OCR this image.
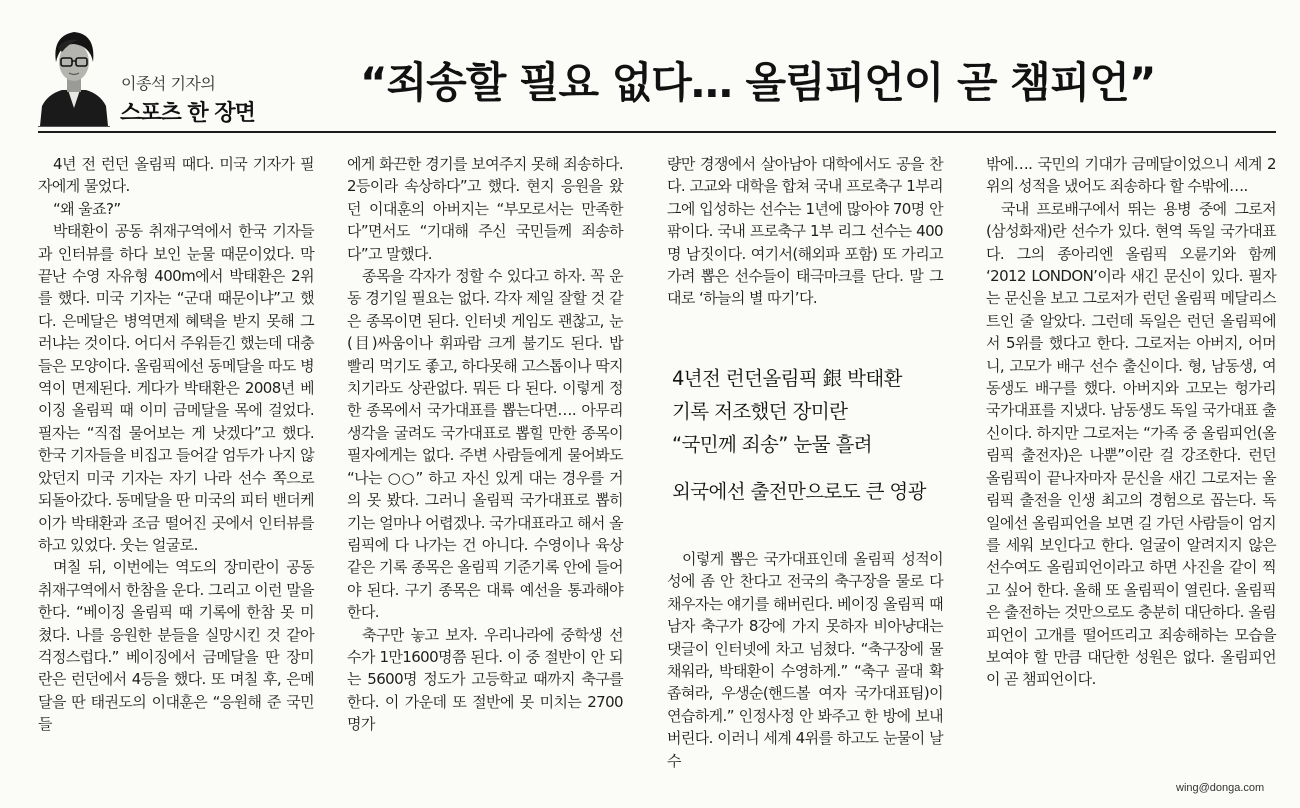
이종석 기자의
스포츠 한 장면
“죄송할 필요 없다… 올림피언이 곧 챔피언”

4년 전 런던 올림픽 때다. 미국 기자가 필자에게 물었다.

“왜 울죠?”

박태환이 공동 취재구역에서 한국 기자들과 인터뷰를 하다 보인 눈물 때문이었다. 막 끝난 수영 자유형 400m에서 박태환은 2위를 했다. 미국 기자는 “군대 때문이냐”고 했다. 은메달은 병역면제 혜택을 받지 못해 그러냐는 것이다. 어디서 주워듣긴 했는데 대충 들은 모양이다. 올림픽에선 동메달을 따도 병역이 면제된다. 게다가 박태환은 2008년 베이징 올림픽 때 이미 금메달을 목에 걸었다. 필자는 “직접 물어보는 게 낫겠다”고 했다. 한국 기자들을 비집고 들어갈 엄두가 나지 않았던지 미국 기자는 자기 나라 선수 쪽으로 되돌아갔다. 동메달을 딴 미국의 피터 밴더케이가 박태환과 조금 떨어진 곳에서 인터뷰를 하고 있었다. 웃는 얼굴로.

며칠 뒤, 이번에는 역도의 장미란이 공동 취재구역에서 한참을 운다. 그리고 이런 말을 한다. “베이징 올림픽 때 기록에 한참 못 미쳤다. 나를 응원한 분들을 실망시킨 것 같아 걱정스럽다.” 베이징에서 금메달을 딴 장미란은 런던에서 4등을 했다. 또 며칠 후, 은메달을 딴 태권도의 이대훈은 “응원해 준 국민들

에게 화끈한 경기를 보여주지 못해 죄송하다. 2등이라 속상하다”고 했다. 현지 응원을 왔던 이대훈의 아버지는 “부모로서는 만족한다”면서도 “기대해 주신 국민들께 죄송하다”고 말했다.

종목을 각자가 정할 수 있다고 하자. 꼭 운동 경기일 필요는 없다. 각자 제일 잘할 것 같은 종목이면 된다. 인터넷 게임도 괜찮고, 눈(目)싸움이나 휘파람 크게 불기도 된다. 밥 빨리 먹기도 좋고, 하다못해 고스톱이나 딱지치기라도 상관없다. 뭐든 다 된다. 이렇게 정한 종목에서 국가대표를 뽑는다면…. 아무리 생각을 굴려도 국가대표로 뽑힐 만한 종목이 필자에게는 없다. 주변 사람들에게 물어봐도 “나는 ○○” 하고 자신 있게 대는 경우를 거의 못 봤다. 그러니 올림픽 국가대표로 뽑히기는 얼마나 어렵겠나. 국가대표라고 해서 올림픽에 다 나가는 건 아니다. 수영이나 육상 같은 기록 종목은 올림픽 기준기록 안에 들어야 된다. 구기 종목은 대륙 예선을 통과해야 한다.

축구만 놓고 보자. 우리나라에 중학생 선수가 1만1600명쯤 된다. 이 중 절반이 안 되는 5600명 정도가 고등학교 때까지 축구를 한다. 이 가운데 또 절반에 못 미치는 2700명가

량만 경쟁에서 살아남아 대학에서도 공을 찬다. 고교와 대학을 합쳐 국내 프로축구 1부리그에 입성하는 선수는 1년에 많아야 70명 안팎이다. 국내 프로축구 1부 리그 선수는 400명 남짓이다. 여기서(해외파 포함) 또 가리고 가려 뽑은 선수들이 태극마크를 단다. 말 그대로 ‘하늘의 별 따기’다.

4년전 런던올림픽 銀 박태환
기록 저조했던 장미란
“국민께 죄송” 눈물 흘려
외국에선 출전만으로도 큰 영광

이렇게 뽑은 국가대표인데 올림픽 성적이 성에 좀 안 찬다고 전국의 축구장을 물로 다 채우자는 얘기를 해버린다. 베이징 올림픽 때 남자 축구가 8강에 가지 못하자 비아냥대는 댓글이 인터넷에 차고 넘쳤다. “축구장에 물 채워라, 박태환이 수영하게.” “축구 골대 확 좁혀라, 우생순(핸드볼 여자 국가대표팀)이 연습하게.” 인정사정 안 봐주고 한 방에 보내버린다. 이러니 세계 4위를 하고도 눈물이 날 수

밖에…. 국민의 기대가 금메달이었으니 세계 2위의 성적을 냈어도 죄송하다 할 수밖에….

국내 프로배구에서 뛰는 용병 중에 그로저(삼성화재)란 선수가 있다. 현역 독일 국가대표다. 그의 종아리엔 올림픽 오륜기와 함께 ‘2012 LONDON’이라 새긴 문신이 있다. 필자는 문신을 보고 그로저가 런던 올림픽 메달리스트인 줄 알았다. 그런데 독일은 런던 올림픽에서 5위를 했다고 한다. 그로저는 아버지, 어머니, 고모가 배구 선수 출신이다. 형, 남동생, 여동생도 배구를 했다. 아버지와 고모는 헝가리 국가대표를 지냈다. 남동생도 독일 국가대표 출신이다. 하지만 그로저는 “가족 중 올림피언(올림픽 출전자)은 나뿐”이란 걸 강조한다. 런던 올림픽이 끝나자마자 문신을 새긴 그로저는 올림픽 출전을 인생 최고의 경험으로 꼽는다. 독일에선 올림피언을 보면 길 가던 사람들이 엄지를 세워 보인다고 한다. 얼굴이 알려지지 않은 선수여도 올림피언이라고 하면 사진을 같이 찍고 싶어 한다. 올해 또 올림픽이 열린다. 올림픽은 출전하는 것만으로도 충분히 대단하다. 올림피언이 고개를 떨어뜨리고 죄송해하는 모습을 보여야 할 만큼 대단한 성원은 없다. 올림피언이 곧 챔피언이다.

wing@donga.com
